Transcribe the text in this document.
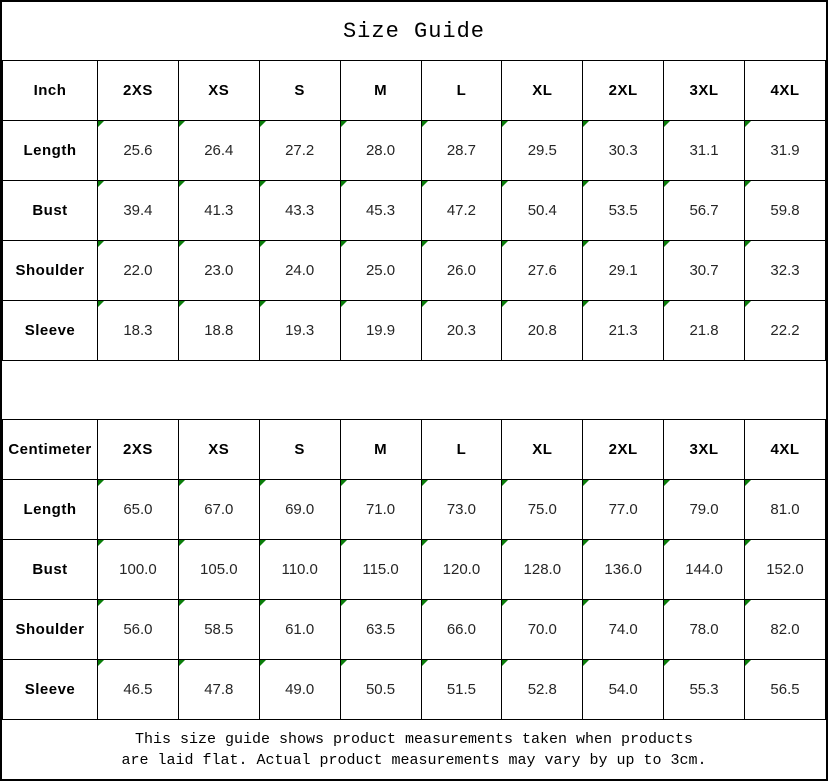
Size Guide
Inch	2XS	XS	S	M	L	XL	2XL	3XL	4XL
Length	25.6	26.4	27.2	28.0	28.7	29.5	30.3	31.1	31.9
Bust	39.4	41.3	43.3	45.3	47.2	50.4	53.5	56.7	59.8
Shoulder	22.0	23.0	24.0	25.0	26.0	27.6	29.1	30.7	32.3
Sleeve	18.3	18.8	19.3	19.9	20.3	20.8	21.3	21.8	22.2
Centimeter	2XS	XS	S	M	L	XL	2XL	3XL	4XL
Length	65.0	67.0	69.0	71.0	73.0	75.0	77.0	79.0	81.0
Bust	100.0	105.0	110.0	115.0	120.0	128.0	136.0	144.0	152.0
Shoulder	56.0	58.5	61.0	63.5	66.0	70.0	74.0	78.0	82.0
Sleeve	46.5	47.8	49.0	50.5	51.5	52.8	54.0	55.3	56.5
This size guide shows product measurements taken when products
are laid flat. Actual product measurements may vary by up to 3cm.
